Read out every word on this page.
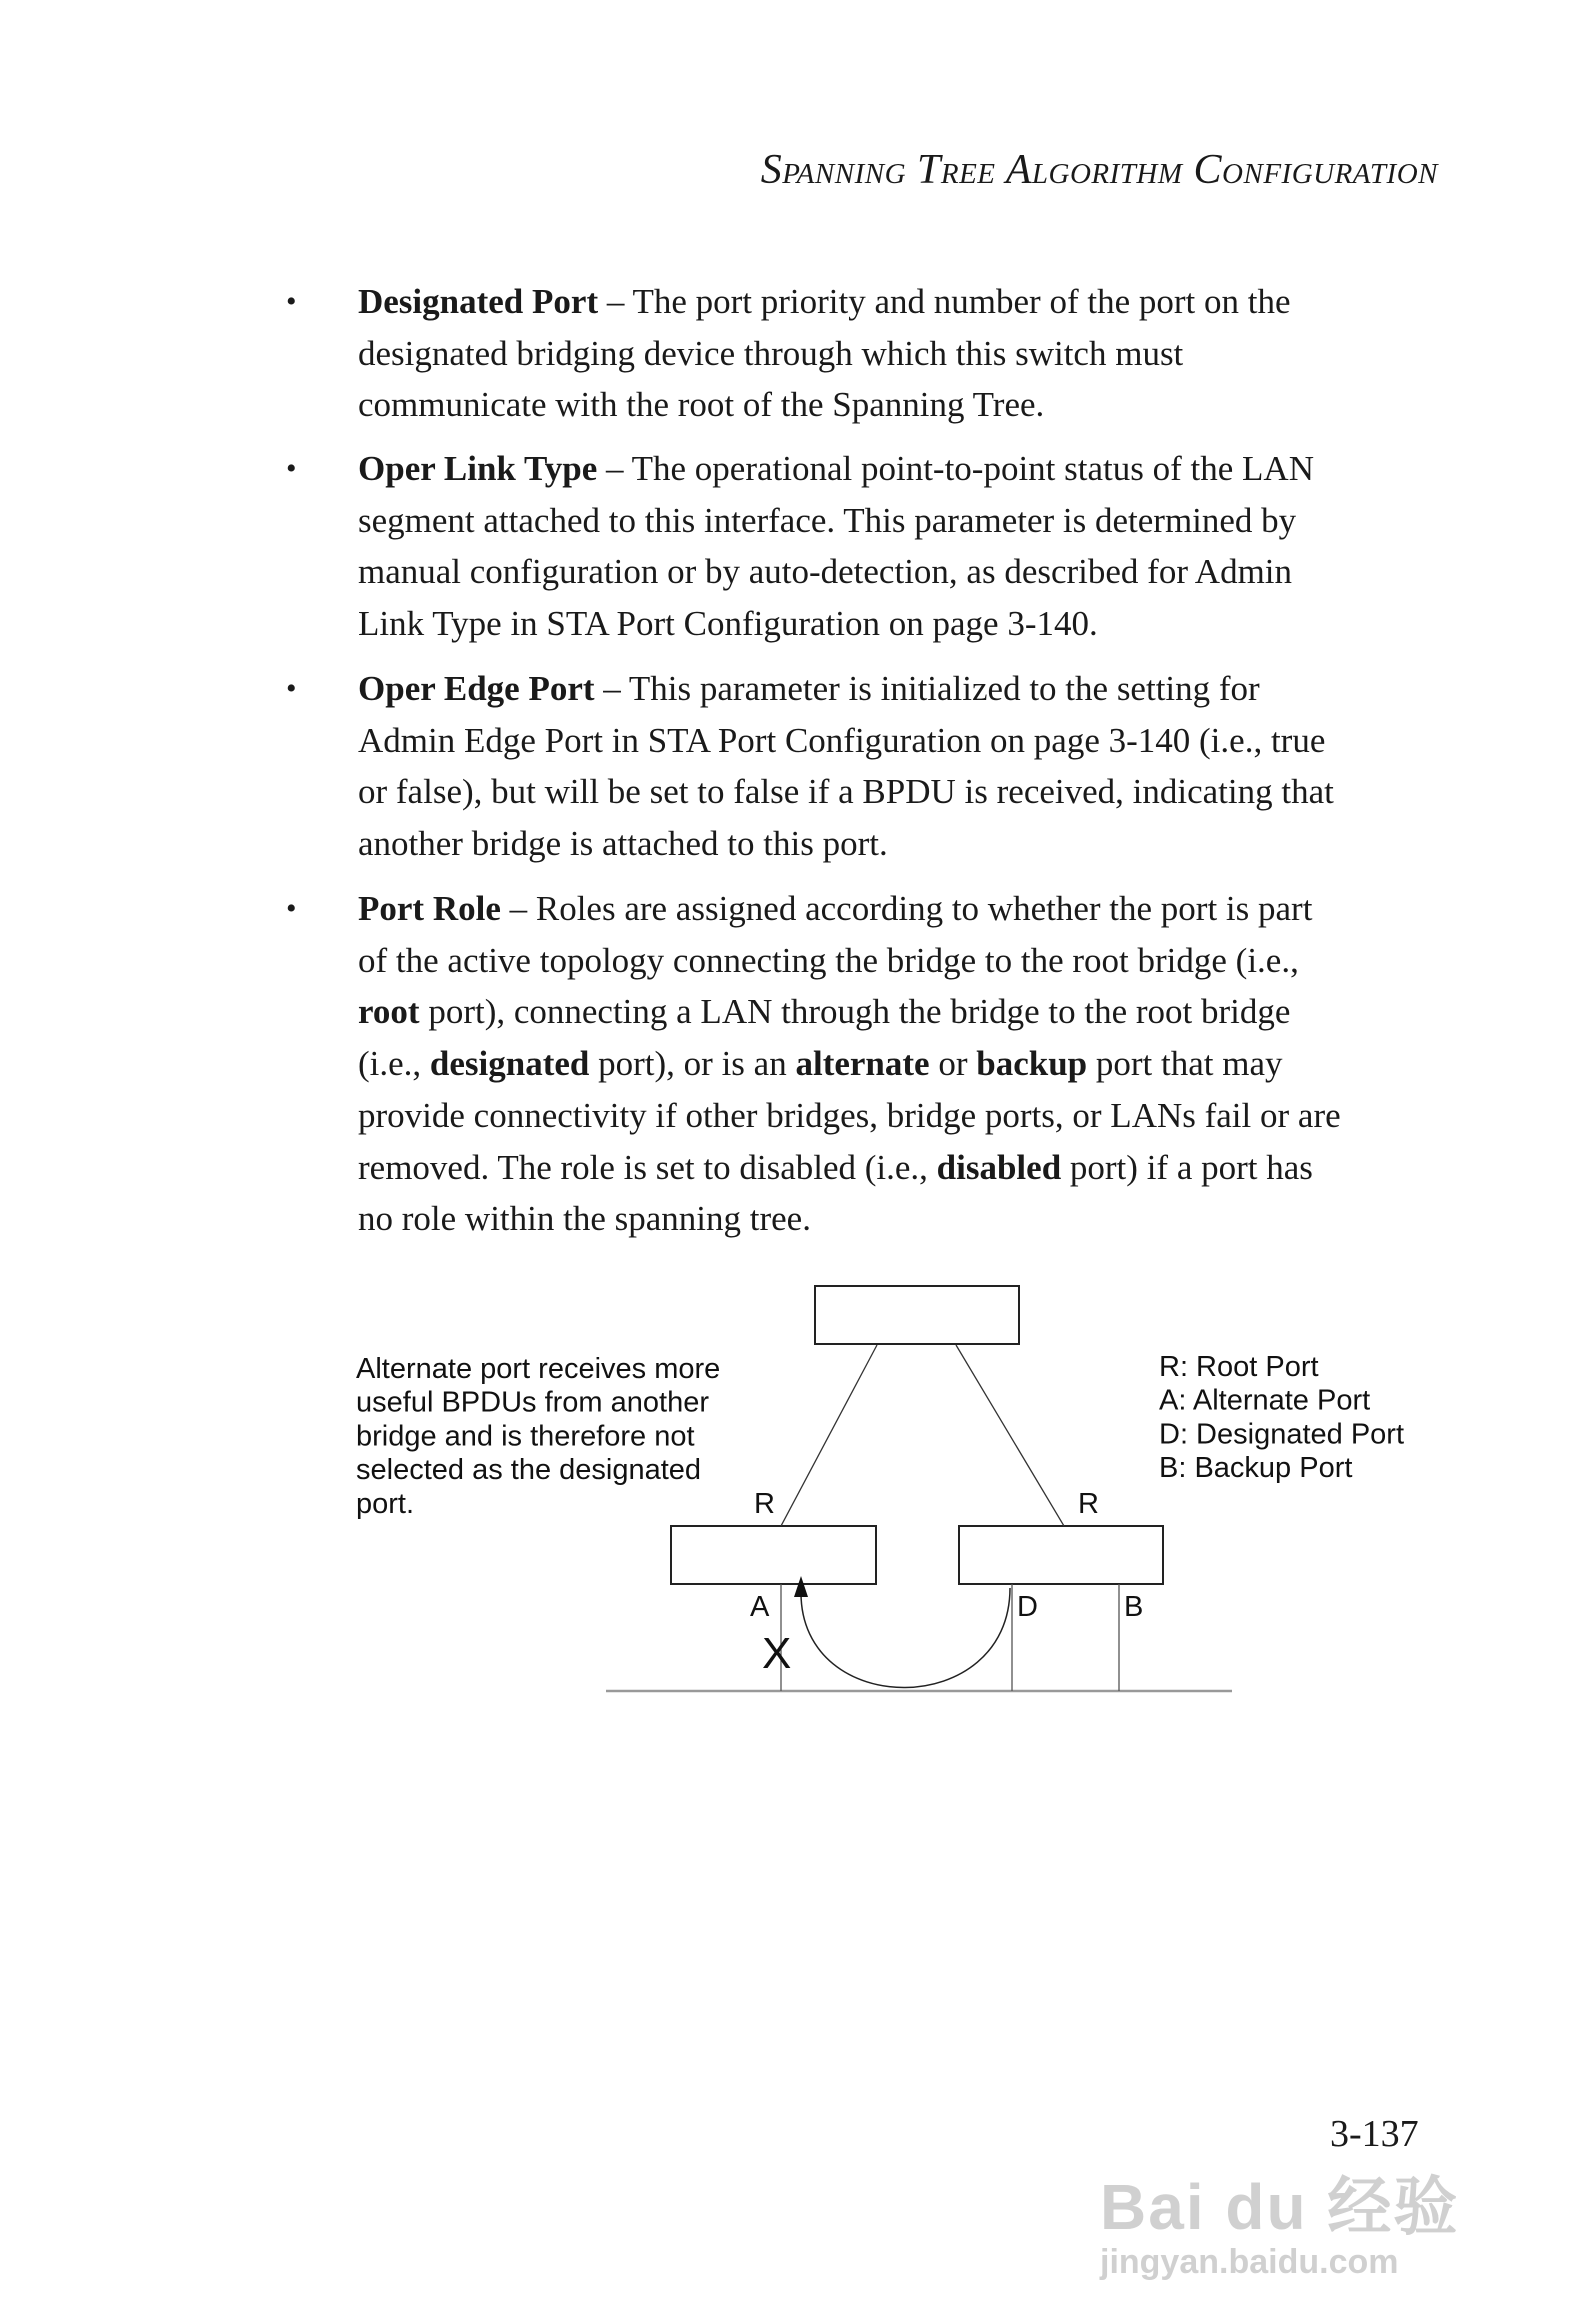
Spanning Tree Algorithm Configuration
• Designated Port – The port priority and number of the port on the
designated bridging device through which this switch must
communicate with the root of the Spanning Tree.
• Oper Link Type – The operational point-to-point status of the LAN
segment attached to this interface. This parameter is determined by
manual configuration or by auto-detection, as described for Admin
Link Type in STA Port Configuration on page 3-140.
• Oper Edge Port – This parameter is initialized to the setting for
Admin Edge Port in STA Port Configuration on page 3-140 (i.e., true
or false), but will be set to false if a BPDU is received, indicating that
another bridge is attached to this port.
• Port Role – Roles are assigned according to whether the port is part
of the active topology connecting the bridge to the root bridge (i.e.,
root port), connecting a LAN through the bridge to the root bridge
(i.e., designated port), or is an alternate or backup port that may
provide connectivity if other bridges, bridge ports, or LANs fail or are
removed. The role is set to disabled (i.e., disabled port) if a port has
no role within the spanning tree.
R	R
A	D	B
X
Alternate port receives more
useful BPDUs from another
bridge and is therefore not
selected as the designated
port.
R: Root Port
A: Alternate Port
D: Designated Port
B: Backup Port
3-137
Bai du 经验
jingyan.baidu.com
